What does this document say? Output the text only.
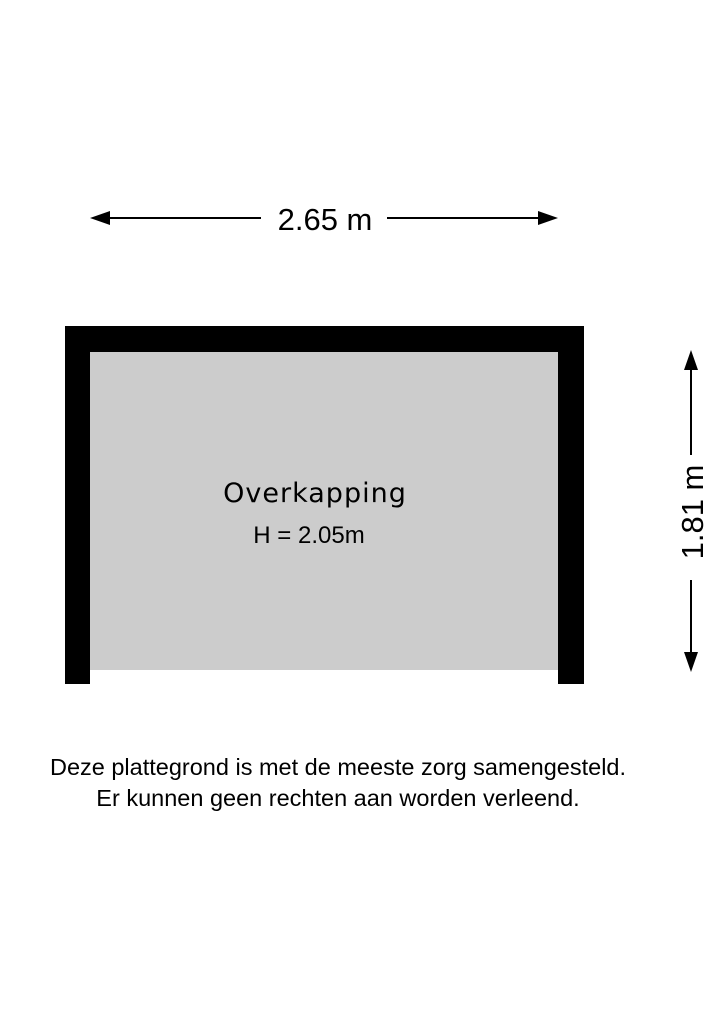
2.65 m
1.81 m
Overkapping
H = 2.05m
Deze plattegrond is met de meeste zorg samengesteld.
Er kunnen geen rechten aan worden verleend.
